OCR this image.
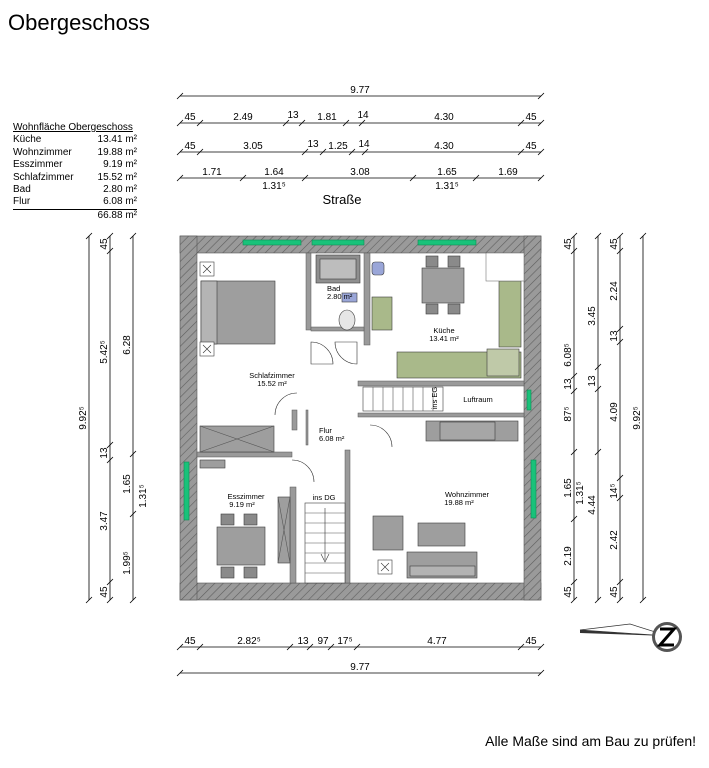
Obergeschoss
Wohnfläche Obergeschoss
Küche	13.41 m²
Wohnzimmer	19.88 m²
Esszimmer	9.19 m²
Schlafzimmer 15.52 m²
Bad	2.80 m²
Flur	6.08 m²
66.88 m²
9.77
45	2.49	13 1.81 14	4.30	45
45	3.05	13 1.25 14	4.30	45
1.71	1.64	3.08	1.65	1.69
1.31⁵	1.31⁵
Straße
45	2.82⁵	13 97 17⁵	4.77	45
9.77
9.92⁵
45
5.42⁵
13
3.47
45
6.28
1.65
1.31⁵
1.99⁵
45
6.08⁵
13
87⁵
1.65
2.19
45
3.45
13
1.31⁵
4.44
45
2.24
13
4.09
14⁵
2.42
45
9.92⁵
Schlafzimmer
15.52 m²
Bad
2.80 m²
Küche
13.41 m²
Flur
6.08 m²
Esszimmer
9.19 m²
Wohnzimmer
19.88 m²
Luftraum
ins EG
ins DG
Alle Maße sind am Bau zu prüfen!
